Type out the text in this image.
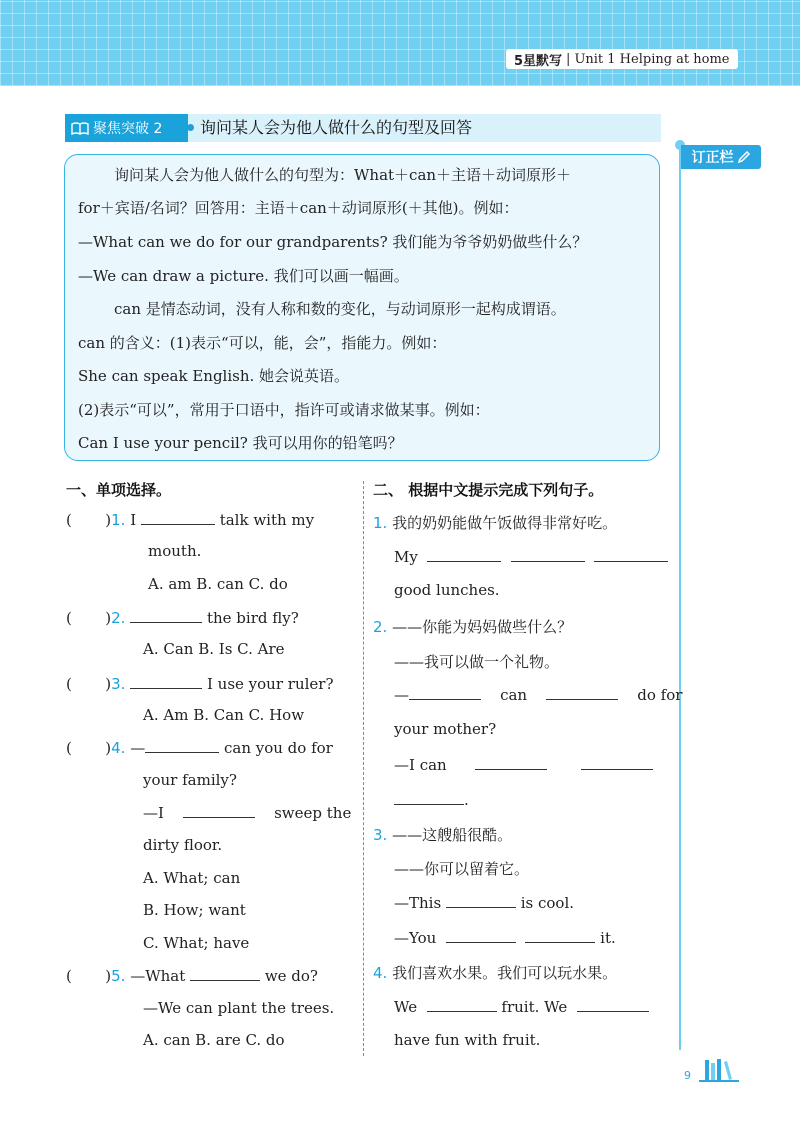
5星默写 | Unit 1 Helping at home
订正栏
聚焦突破 2 询问某人会为他人做什么的句型及回答
询问某人会为他人做什么的句型为：What＋can＋主语＋动词原形＋
for＋宾语/名词？回答用：主语＋can＋动词原形(＋其他)。例如：
—What can we do for our grandparents? 我们能为爷爷奶奶做些什么？
—We can draw a picture. 我们可以画一幅画。
can 是情态动词，没有人称和数的变化，与动词原形一起构成谓语。
can 的含义：(1)表示“可以，能，会”，指能力。例如：
She can speak English. 她会说英语。
(2)表示“可以”，常用于口语中，指许可或请求做某事。例如：
Can I use your pencil? 我可以用你的铅笔吗？
一、单项选择。
(       )1. I	talk with my
mouth.
A. am B. can C. do
(       )2.	the bird fly?
A. Can B. Is C. Are
(       )3.	I use your ruler?
A. Am B. Can C. How
(       )4. —	can you do for
your family?
—I	sweep the
dirty floor.
A. What; can
B. How; want
C. What; have
(       )5. —What	we do?
—We can plant the trees.
A. can B. are C. do
二、 根据中文提示完成下列句子。
1. 我的奶奶能做午饭做得非常好吃。
My
good lunches.
2. ——你能为妈妈做些什么？
——我可以做一个礼物。
—	can	do for
your mother?
—I can
.
3. ——这艘船很酷。
——你可以留着它。
—This	is cool.
—You	it.
4. 我们喜欢水果。我们可以玩水果。
We	fruit. We
have fun with fruit.
9
